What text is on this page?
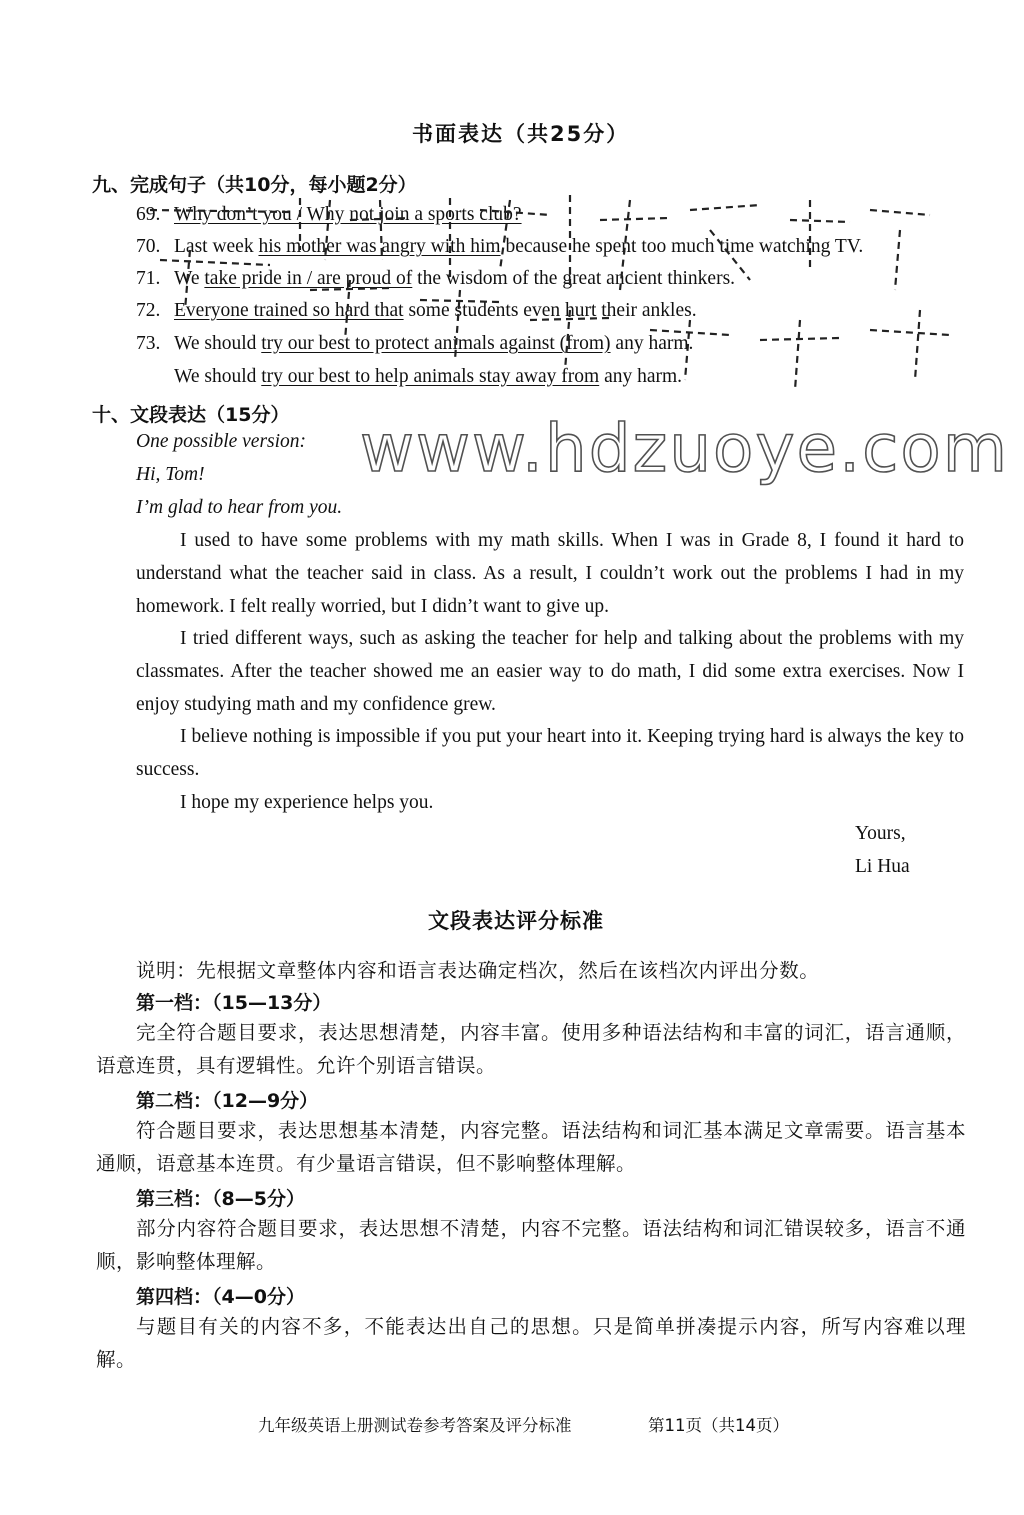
书面表达（共25分）
九、完成句子（共10分，每小题2分）
69. Why don’t you / Why not join a sports club?
70. Last week his mother was angry with him because he spent too much time watching TV.
71. We take pride in / are proud of the wisdom of the great ancient thinkers.
72. Everyone trained so hard that some students even hurt their ankles.
73. We should try our best to protect animals against (from) any harm.
We should try our best to help animals stay away from any harm.
十、文段表达（15分）
One possible version:
Hi, Tom!
I’m glad to hear from you.
I used to have some problems with my math skills. When I was in Grade 8, I found it hard to understand what the teacher said in class. As a result, I couldn’t work out the problems I had in my homework. I felt really worried, but I didn’t want to give up.
I tried different ways, such as asking the teacher for help and talking about the problems with my classmates. After the teacher showed me an easier way to do math, I did some extra exercises. Now I enjoy studying math and my confidence grew.
I believe nothing is impossible if you put your heart into it. Keeping trying hard is always the key to success.
I hope my experience helps you.
Yours,
Li Hua
www.hdzuoye.com
文段表达评分标准
说明：先根据文章整体内容和语言表达确定档次，然后在该档次内评出分数。
第一档：（15—13分）
完全符合题目要求，表达思想清楚，内容丰富。使用多种语法结构和丰富的词汇，语言通顺，语意连贯，具有逻辑性。允许个别语言错误。
第二档：（12—9分）
符合题目要求，表达思想基本清楚，内容完整。语法结构和词汇基本满足文章需要。语言基本通顺，语意基本连贯。有少量语言错误，但不影响整体理解。
第三档：（8—5分）
部分内容符合题目要求，表达思想不清楚，内容不完整。语法结构和词汇错误较多，语言不通顺，影响整体理解。
第四档：（4—0分）
与题目有关的内容不多，不能表达出自己的思想。只是简单拼凑提示内容，所写内容难以理解。
九年级英语上册测试卷参考答案及评分标准	第11页（共14页）
